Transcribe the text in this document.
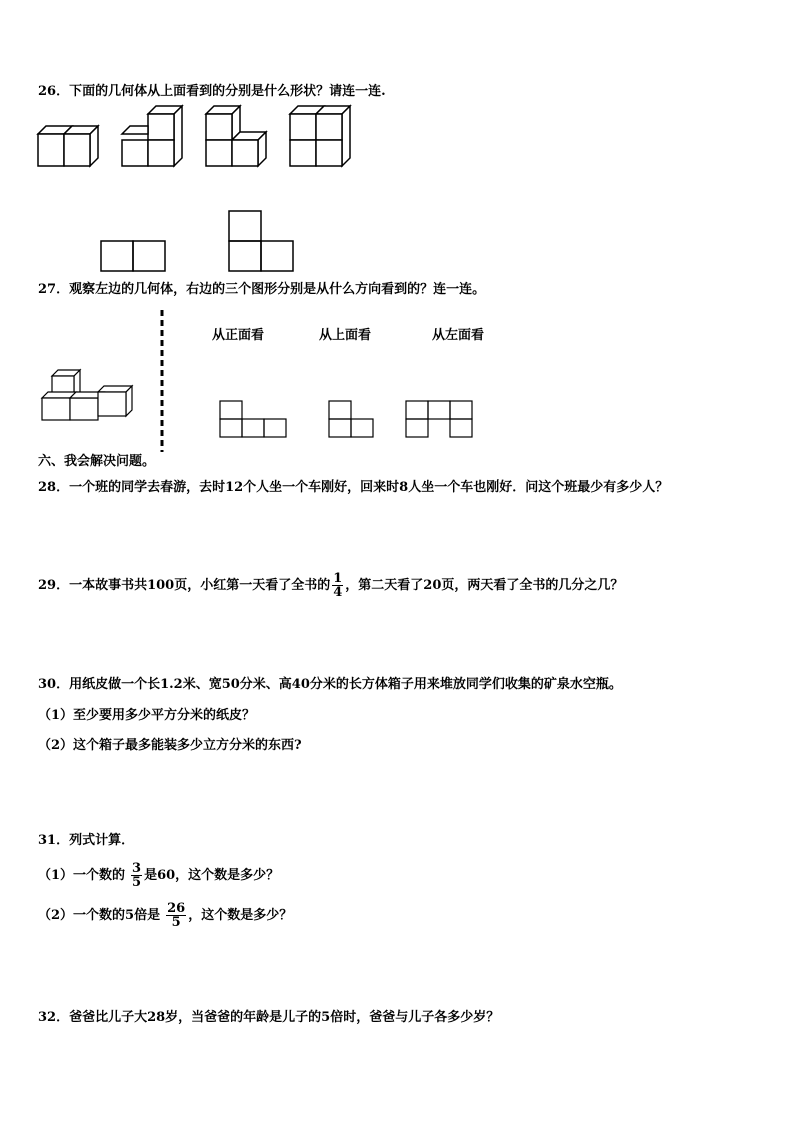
26．下面的几何体从上面看到的分别是什么形状？请连一连.
27．观察左边的几何体，右边的三个图形分别是从什么方向看到的？连一连。
从正面看	从上面看	从左面看
六、我会解决问题。
28．一个班的同学去春游，去时12个人坐一个车刚好，回来时8人坐一个车也刚好．问这个班最少有多少人？
29．一本故事书共100页，小红第一天看了全书的 $\frac{1}{4}$ ，第二天看了20页，两天看了全书的几分之几？
30．用纸皮做一个长1.2米、宽50分米、高40分米的长方体箱子用来堆放同学们收集的矿泉水空瓶。
（1）至少要用多少平方分米的纸皮？
（2）这个箱子最多能装多少立方分米的东西?
31．列式计算．
（1）一个数的 $\frac{3}{5}$ 是60，这个数是多少？
（2）一个数的5倍是 $\frac{26}{5}$ ，这个数是多少？
32．爸爸比儿子大28岁，当爸爸的年龄是儿子的5倍时，爸爸与儿子各多少岁？
